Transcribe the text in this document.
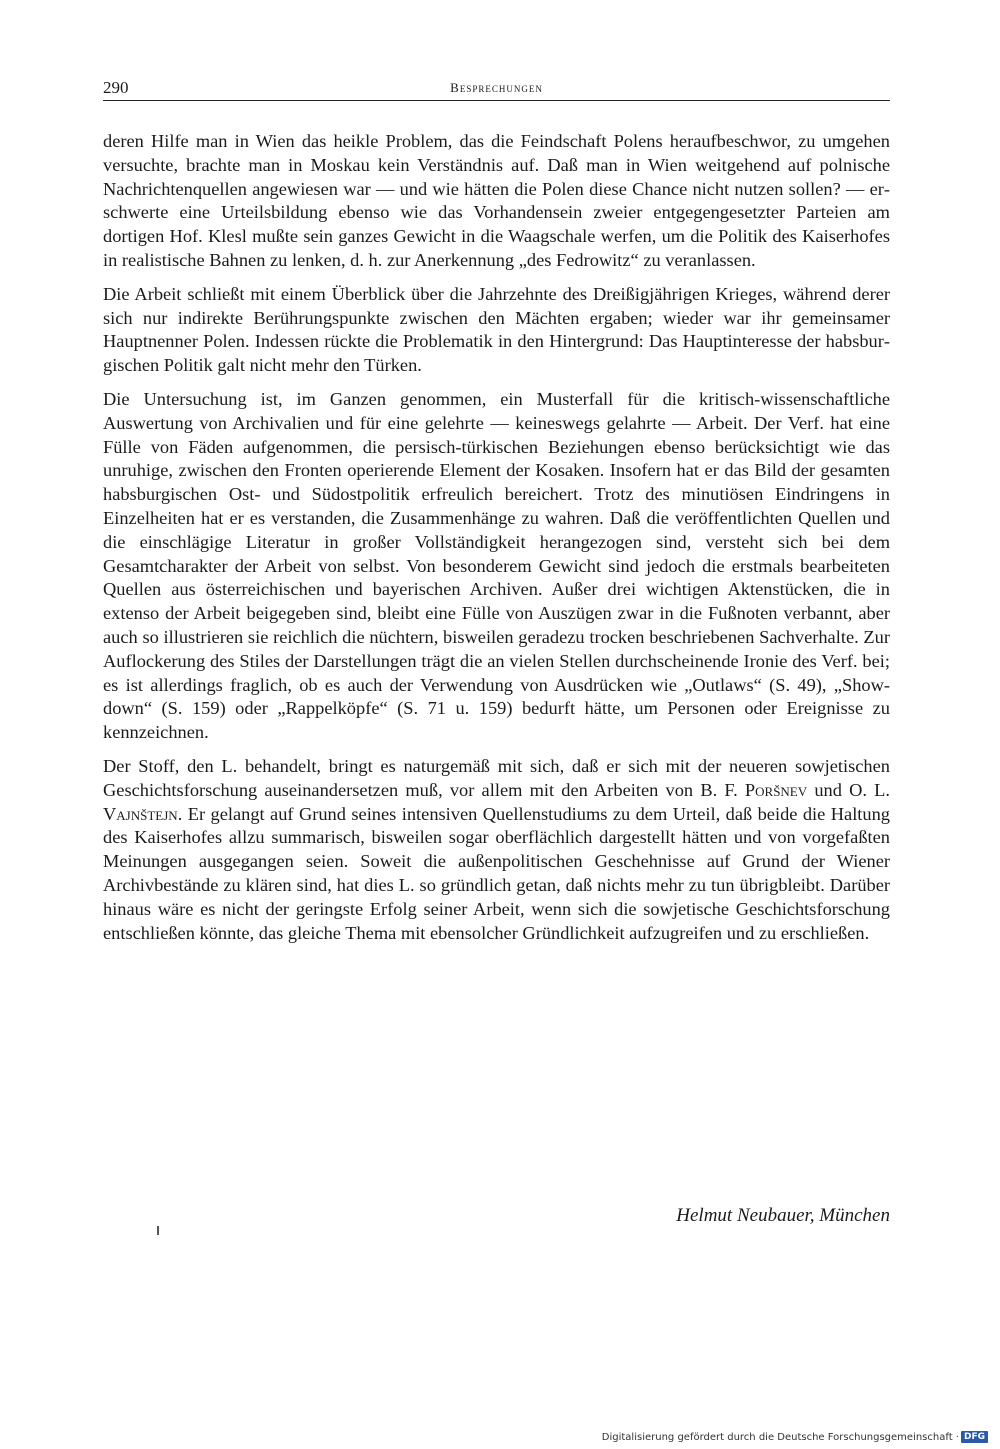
290	Besprechungen

deren Hilfe man in Wien das heikle Problem, das die Feindschaft Polens heraufbeschwor, zu umgehen versuchte, brachte man in Moskau kein Verständnis auf. Daß man in Wien weitgehend auf polnische Nachrichtenquellen angewiesen war — und wie hätten die Polen diese Chance nicht nutzen sollen? — erschwerte eine Urteilsbildung ebenso wie das Vorhandensein zweier entgegengesetzter Parteien am dortigen Hof. Klesl mußte sein ganzes Gewicht in die Waagschale werfen, um die Politik des Kaiserhofes in realistische Bahnen zu lenken, d. h. zur Anerkennung „des Fedrowitz“ zu veranlassen.

Die Arbeit schließt mit einem Überblick über die Jahrzehnte des Dreißigjährigen Krieges, während derer sich nur indirekte Berührungspunkte zwischen den Mächten ergaben; wieder war ihr gemeinsamer Hauptnenner Polen. Indessen rückte die Problematik in den Hintergrund: Das Hauptinteresse der habsburgischen Politik galt nicht mehr den Türken.

Die Untersuchung ist, im Ganzen genommen, ein Musterfall für die kritisch-wissenschaftliche Auswertung von Archivalien und für eine gelehrte — keineswegs gelahrte — Arbeit. Der Verf. hat eine Fülle von Fäden aufgenommen, die persisch-türkischen Beziehungen ebenso berücksichtigt wie das unruhige, zwischen den Fronten operierende Element der Kosaken. Insofern hat er das Bild der gesamten habsburgischen Ost- und Südostpolitik erfreulich bereichert. Trotz des minutiösen Eindringens in Einzelheiten hat er es verstanden, die Zusammenhänge zu wahren. Daß die veröffentlichten Quellen und die einschlägige Literatur in großer Vollständigkeit herangezogen sind, versteht sich bei dem Gesamtcharakter der Arbeit von selbst. Von besonderem Gewicht sind jedoch die erstmals bearbeiteten Quellen aus österreichischen und bayerischen Archiven. Außer drei wichtigen Aktenstücken, die in extenso der Arbeit beigegeben sind, bleibt eine Fülle von Auszügen zwar in die Fußnoten verbannt, aber auch so illustrieren sie reichlich die nüchtern, bisweilen geradezu trocken beschriebenen Sachverhalte. Zur Auflockerung des Stiles der Darstellungen trägt die an vielen Stellen durchscheinende Ironie des Verf. bei; es ist allerdings fraglich, ob es auch der Verwendung von Ausdrücken wie „Outlaws“ (S. 49), „Showdown“ (S. 159) oder „Rappelköpfe“ (S. 71 u. 159) bedurft hätte, um Personen oder Ereignisse zu kennzeichnen.

Der Stoff, den L. behandelt, bringt es naturgemäß mit sich, daß er sich mit der neueren sowjetischen Geschichtsforschung auseinandersetzen muß, vor allem mit den Arbeiten von B. F. Poršnev und O. L. Vajnštejn. Er gelangt auf Grund seines intensiven Quellenstudiums zu dem Urteil, daß beide die Haltung des Kaiserhofes allzu summarisch, bisweilen sogar oberflächlich dargestellt hätten und von vorgefaßten Meinungen ausgegangen seien. Soweit die außenpolitischen Geschehnisse auf Grund der Wiener Archivbestände zu klären sind, hat dies L. so gründlich getan, daß nichts mehr zu tun übrigbleibt. Darüber hinaus wäre es nicht der geringste Erfolg seiner Arbeit, wenn sich die sowjetische Geschichtsforschung entschließen könnte, das gleiche Thema mit ebensolcher Gründlichkeit aufzugreifen und zu erschließen.

Helmut Neubauer, München
Digitalisierung gefördert durch die Deutsche Forschungsgemeinschaft · DFG
